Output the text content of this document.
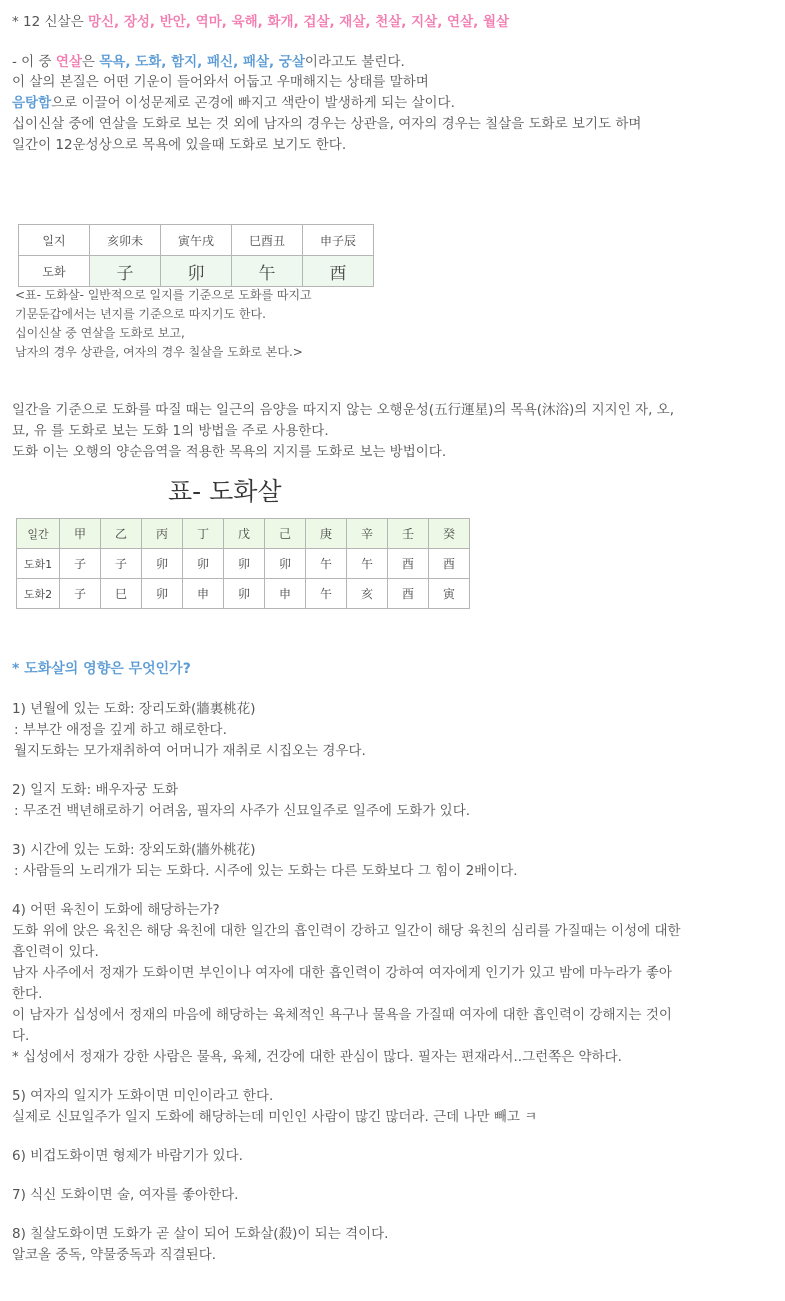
* 12 신살은 망신, 장성, 반안, 역마, 육해, 화개, 겁살, 재살, 천살, 지살, 연살, 월살
- 이 중 연살은 목욕, 도화, 함지, 패신, 패살, 궁살이라고도 불린다.
이 살의 본질은 어떤 기운이 들어와서 어둡고 우매해지는 상태를 말하며
음탕함으로 이끌어 이성문제로 곤경에 빠지고 색란이 발생하게 되는 살이다.
십이신살 중에 연살을 도화로 보는 것 외에 남자의 경우는 상관을, 여자의 경우는 칠살을 도화로 보기도 하며
일간이 12운성상으로 목욕에 있을때 도화로 보기도 한다.
일지	亥卯未	寅午戌	巳酉丑	申子辰
도화	子	卯	午	酉
<표- 도화살- 일반적으로 일지를 기준으로 도화를 따지고
기문둔갑에서는 년지를 기준으로 따지기도 한다.
십이신살 중 연살을 도화로 보고,
남자의 경우 상관을, 여자의 경우 칠살을 도화로 본다.>
일간을 기준으로 도화를 따질 때는 일근의 음양을 따지지 않는 오행운성(五行運星)의 목욕(沐浴)의 지지인 자, 오,
묘, 유 를 도화로 보는 도화 1의 방법을 주로 사용한다.
도화 이는 오행의 양순음역을 적용한 목욕의 지지를 도화로 보는 방법이다.
표- 도화살
일간	甲	乙	丙	丁	戊	己	庚	辛	壬	癸
도화1	子	子	卯	卯	卯	卯	午	午	酉	酉
도화2	子	巳	卯	申	卯	申	午	亥	酉	寅
* 도화살의 영향은 무엇인가?
1) 년월에 있는 도화: 장리도화(牆裏桃花)
: 부부간 애정을 깊게 하고 해로한다.
월지도화는 모가재취하여 어머니가 재취로 시집오는 경우다.
2) 일지 도화: 배우자궁 도화
: 무조건 백년해로하기 어려움, 필자의 사주가 신묘일주로 일주에 도화가 있다.
3) 시간에 있는 도화: 장외도화(牆外桃花)
: 사람들의 노리개가 되는 도화다. 시주에 있는 도화는 다른 도화보다 그 힘이 2배이다.
4) 어떤 육친이 도화에 해당하는가?
도화 위에 앉은 육친은 해당 육친에 대한 일간의 흡인력이 강하고 일간이 해당 육친의 심리를 가질때는 이성에 대한
흡인력이 있다.
남자 사주에서 정재가 도화이면 부인이나 여자에 대한 흡인력이 강하여 여자에게 인기가 있고 밤에 마누라가 좋아
한다.
이 남자가 십성에서 정재의 마음에 해당하는 육체적인 욕구나 물욕을 가질때 여자에 대한 흡인력이 강해지는 것이
다.
* 십성에서 정재가 강한 사람은 물욕, 육체, 건강에 대한 관심이 많다. 필자는 편재라서..그런쪽은 약하다.
5) 여자의 일지가 도화이면 미인이라고 한다.
실제로 신묘일주가 일지 도화에 해당하는데 미인인 사람이 많긴 많더라. 근데 나만 빼고 ㅋ
6) 비겁도화이면 형제가 바람기가 있다.
7) 식신 도화이면 술, 여자를 좋아한다.
8) 칠살도화이면 도화가 곧 살이 되어 도화살(殺)이 되는 격이다.
알코올 중독, 약물중독과 직결된다.
